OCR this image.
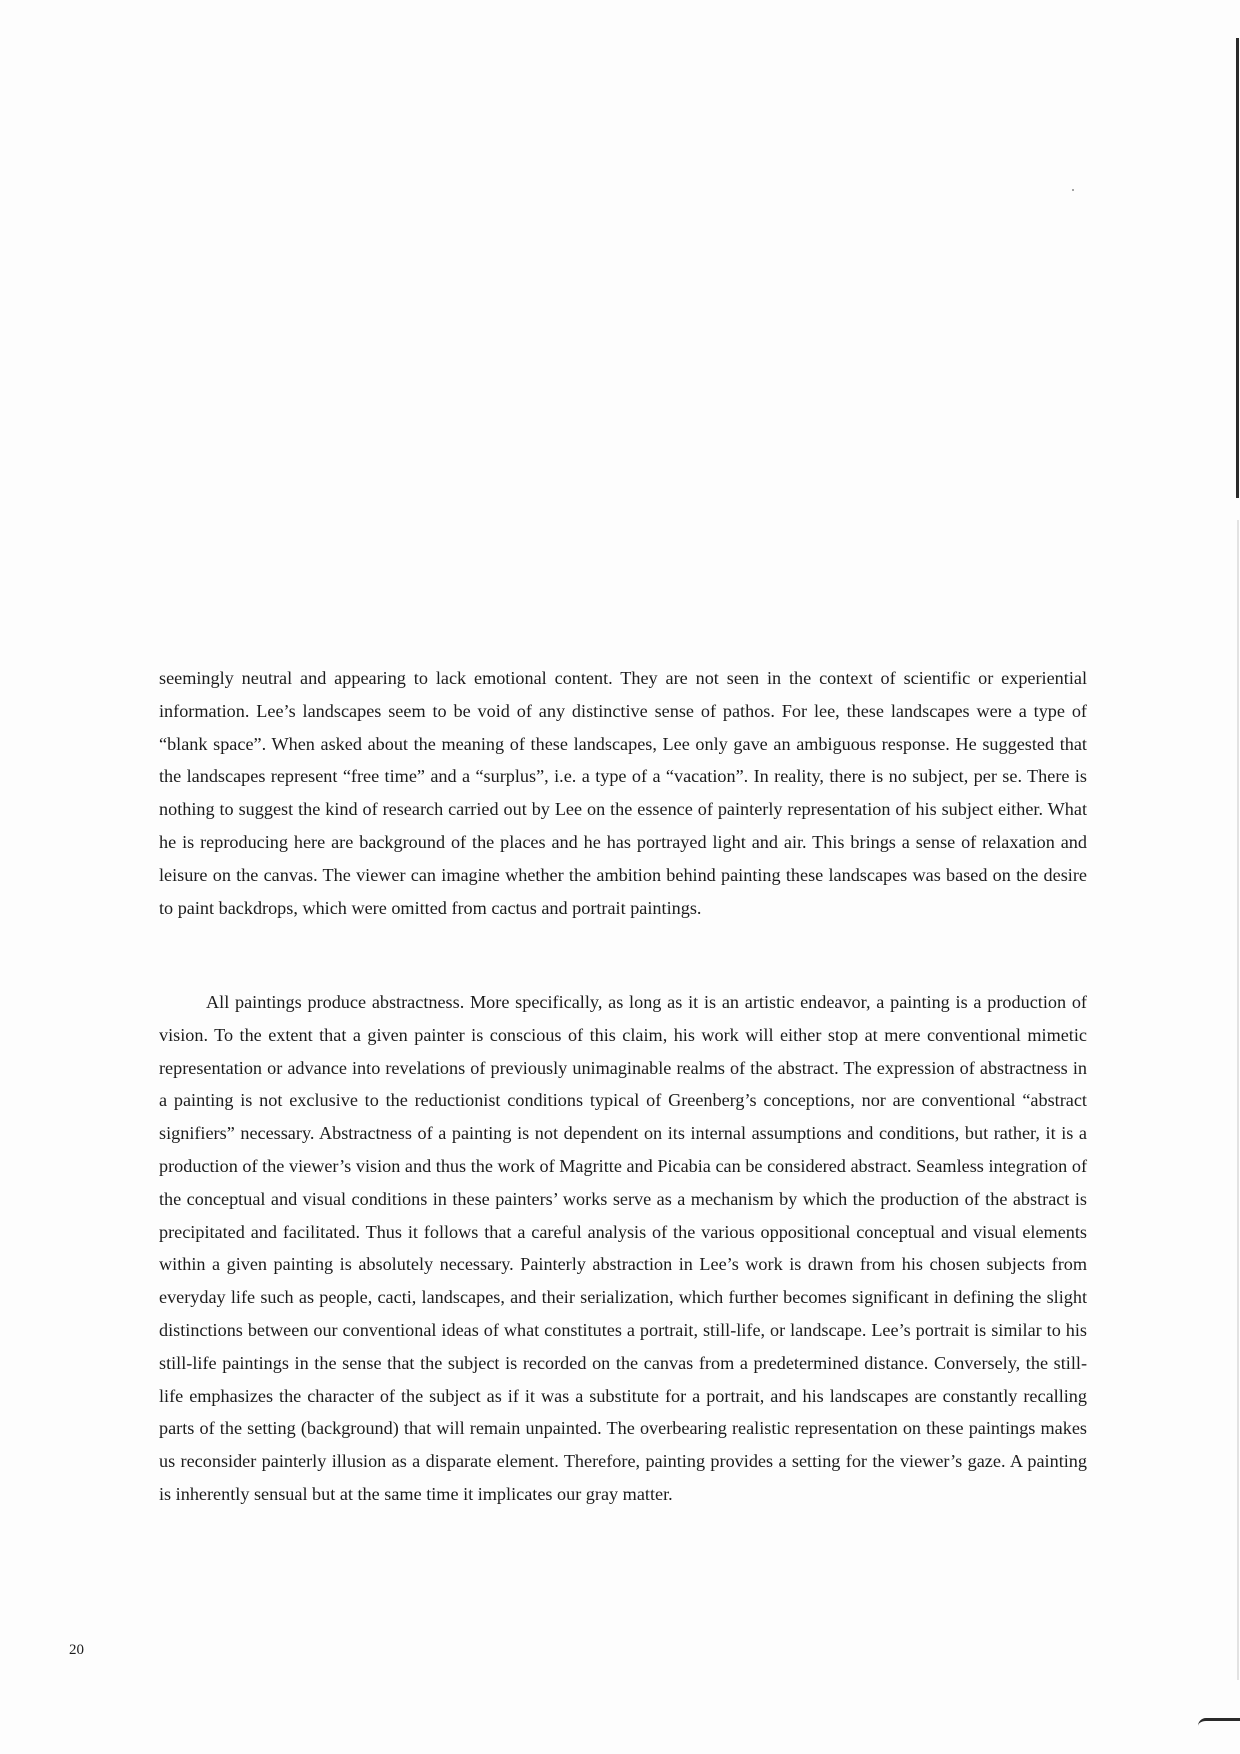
seemingly neutral and appearing to lack emotional content. They are not seen in the context of scientific or experiential information. Lee’s landscapes seem to be void of any distinctive sense of pathos. For lee, these landscapes were a type of “blank space”. When asked about the meaning of these landscapes, Lee only gave an ambiguous response. He suggested that the landscapes represent “free time” and a “surplus”, i.e. a type of a “vacation”. In reality, there is no subject, per se. There is nothing to suggest the kind of research carried out by Lee on the essence of painterly representation of his subject either. What he is reproducing here are background of the places and he has portrayed light and air. This brings a sense of relaxation and leisure on the canvas. The viewer can imagine whether the ambition behind painting these landscapes was based on the desire to paint backdrops, which were omitted from cactus and portrait paintings.

All paintings produce abstractness. More specifically, as long as it is an artistic endeavor, a painting is a production of vision. To the extent that a given painter is conscious of this claim, his work will either stop at mere conventional mimetic representation or advance into revelations of previously unimaginable realms of the abstract. The expression of abstractness in a painting is not exclusive to the reductionist conditions typical of Greenberg’s conceptions, nor are conventional “abstract signifiers” necessary. Abstractness of a painting is not dependent on its internal assumptions and conditions, but rather, it is a production of the viewer’s vision and thus the work of Magritte and Picabia can be considered abstract. Seamless integration of the conceptual and visual conditions in these painters’ works serve as a mechanism by which the production of the abstract is precipitated and facilitated. Thus it follows that a careful analysis of the various oppositional conceptual and visual elements within a given painting is absolutely necessary. Painterly abstraction in Lee’s work is drawn from his chosen subjects from everyday life such as people, cacti, landscapes, and their serialization, which further becomes significant in defining the slight distinctions between our conventional ideas of what constitutes a portrait, still-life, or landscape. Lee’s portrait is similar to his still-life paintings in the sense that the subject is recorded on the canvas from a predetermined distance. Conversely, the still-life emphasizes the character of the subject as if it was a substitute for a portrait, and his landscapes are constantly recalling parts of the setting (background) that will remain unpainted. The overbearing realistic representation on these paintings makes us reconsider painterly illusion as a disparate element. Therefore, painting provides a setting for the viewer’s gaze. A painting is inherently sensual but at the same time it implicates our gray matter.

20
